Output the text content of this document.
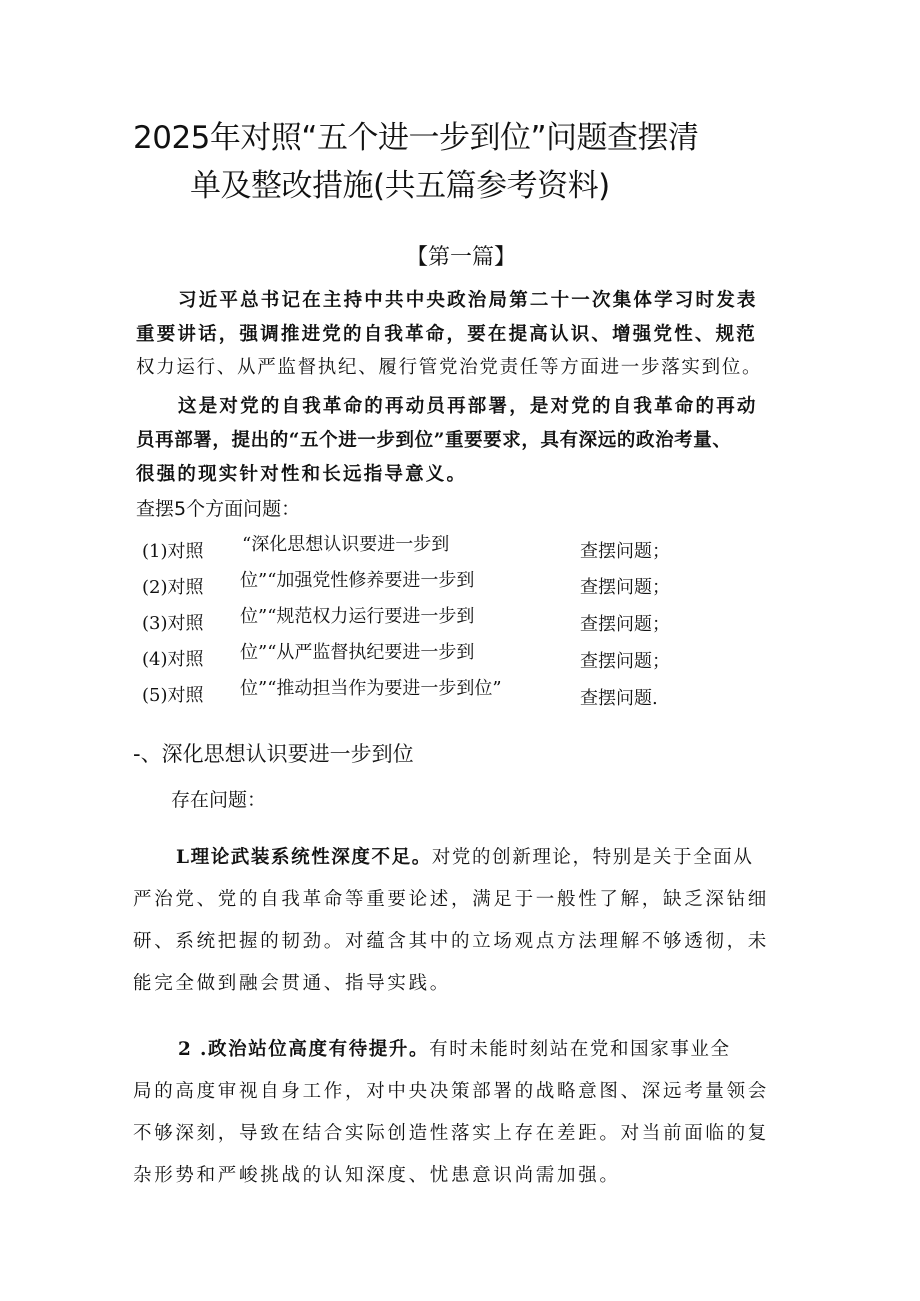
2025年对照“五个进一步到位”问题查摆清
单及整改措施(共五篇参考资料)
【第一篇】
习近平总书记在主持中共中央政治局第二十一次集体学习时发表
重要讲话，强调推进党的自我革命，要在提高认识、增强党性、规范
权力运行、从严监督执纪、履行管党治党责任等方面进一步落实到位。
这是对党的自我革命的再动员再部署，是对党的自我革命的再动
员再部署，提出的“五个进一步到位”重要要求，具有深远的政治考量、
很强的现实针对性和长远指导意义。
查摆5个方面问题：
(1)对照
(2)对照
(3)对照
(4)对照
(5)对照
“深化思想认识要进一步到
位”“加强党性修养要进一步到
位”“规范权力运行要进一步到
位”“从严监督执纪要进一步到
位”“推动担当作为要进一步到位”
查摆问题；
查摆问题；
查摆问题；
查摆问题；
查摆问题.
-、深化思想认识要进一步到位
存在问题：
L理论武装系统性深度不足。对党的创新理论，特别是关于全面从
严治党、党的自我革命等重要论述，满足于一般性了解，缺乏深钻细
研、系统把握的韧劲。对蕴含其中的立场观点方法理解不够透彻，未
能完全做到融会贯通、指导实践。
2 .政治站位高度有待提升。有时未能时刻站在党和国家事业全
局的高度审视自身工作，对中央决策部署的战略意图、深远考量领会
不够深刻，导致在结合实际创造性落实上存在差距。对当前面临的复
杂形势和严峻挑战的认知深度、忧患意识尚需加强。
